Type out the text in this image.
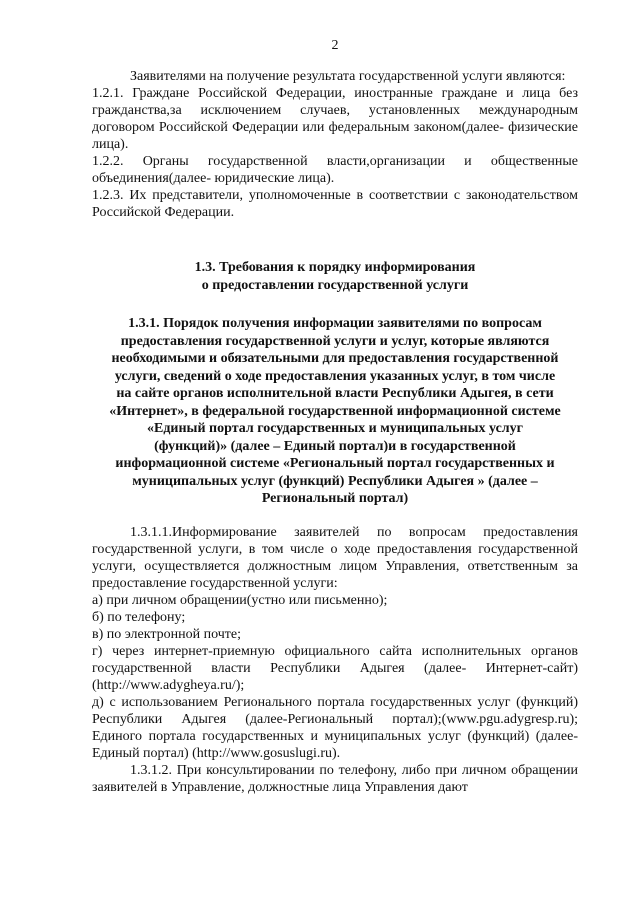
2

Заявителями на получение результата государственной услуги являются:

1.2.1. Граждане Российской Федерации, иностранные граждане и лица без гражданства,за исключением случаев, установленных международным договором Российской Федерации или федеральным законом(далее- физические лица).

1.2.2. Органы государственной власти,организации и общественные объединения(далее- юридические лица).

1.2.3. Их представители, уполномоченные в соответствии с законодательством Российской Федерации.

1.3. Требования к порядку информирования
о предоставлении государственной услуги
1.3.1. Порядок получения информации заявителями по вопросам
предоставления государственной услуги и услуг, которые являются
необходимыми и обязательными для предоставления государственной
услуги, сведений о ходе предоставления указанных услуг, в том числе
на сайте органов исполнительной власти Республики Адыгея, в сети
«Интернет», в федеральной государственной информационной системе
«Единый портал государственных и муниципальных услуг
(функций)» (далее – Единый портал)и в государственной
информационной системе «Региональный портал государственных и
муниципальных услуг (функций) Республики Адыгея » (далее –
Региональный портал)

1.3.1.1.Информирование заявителей по вопросам предоставления государственной услуги, в том числе о ходе предоставления государственной услуги, осуществляется должностным лицом Управления, ответственным за предоставление государственной услуги:

а) при личном обращении(устно или письменно);

б) по телефону;

в) по электронной почте;

г) через интернет-приемную официального сайта исполнительных органов государственной власти Республики Адыгея (далее- Интернет-сайт)(http://www.adygheya.ru/);

д) с использованием Регионального портала государственных услуг (функций) Республики Адыгея (далее-Региональный портал);(www.pgu.adygresp.ru); Единого портала государственных и муниципальных услуг (функций) (далее-Единый портал) (http://www.gosuslugi.ru).

1.3.1.2. При консультировании по телефону, либо при личном обращении заявителей в Управление, должностные лица Управления дают
